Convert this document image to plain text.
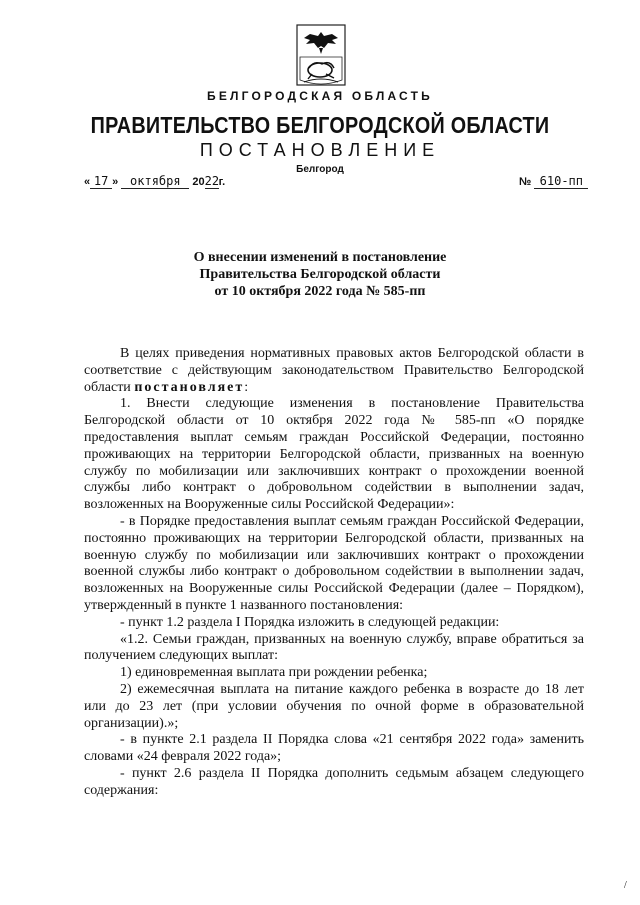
БЕЛГОРОДСКАЯ ОБЛАСТЬ
ПРАВИТЕЛЬСТВО БЕЛГОРОДСКОЙ ОБЛАСТИ
ПОСТАНОВЛЕНИЕ
Белгород
« 17 » октября 2022г.	№ 610-пп
О внесении изменений в постановление
Правительства Белгородской области
от 10 октября 2022 года № 585-пп

В целях приведения нормативных правовых актов Белгородской области в соответствие с действующим законодательством Правительство Белгородской области постановляет:

1. Внести следующие изменения в постановление Правительства Белгородской области от 10 октября 2022 года № 585-пп «О порядке предоставления выплат семьям граждан Российской Федерации, постоянно проживающих на территории Белгородской области, призванных на военную службу по мобилизации или заключивших контракт о прохождении военной службы либо контракт о добровольном содействии в выполнении задач, возложенных на Вооруженные силы Российской Федерации»:

- в Порядке предоставления выплат семьям граждан Российской Федерации, постоянно проживающих на территории Белгородской области, призванных на военную службу по мобилизации или заключивших контракт о прохождении военной службы либо контракт о добровольном содействии в выполнении задач, возложенных на Вооруженные силы Российской Федерации (далее – Порядком), утвержденный в пункте 1 названного постановления:

- пункт 1.2 раздела I Порядка изложить в следующей редакции:

«1.2. Семьи граждан, призванных на военную службу, вправе обратиться за получением следующих выплат:

1) единовременная выплата при рождении ребенка;

2) ежемесячная выплата на питание каждого ребенка в возрасте до 18 лет или до 23 лет (при условии обучения по очной форме в образовательной организации).»;

- в пункте 2.1 раздела II Порядка слова «21 сентября 2022 года» заменить словами «24 февраля 2022 года»;

- пункт 2.6 раздела II Порядка дополнить седьмым абзацем следующего содержания:

/
